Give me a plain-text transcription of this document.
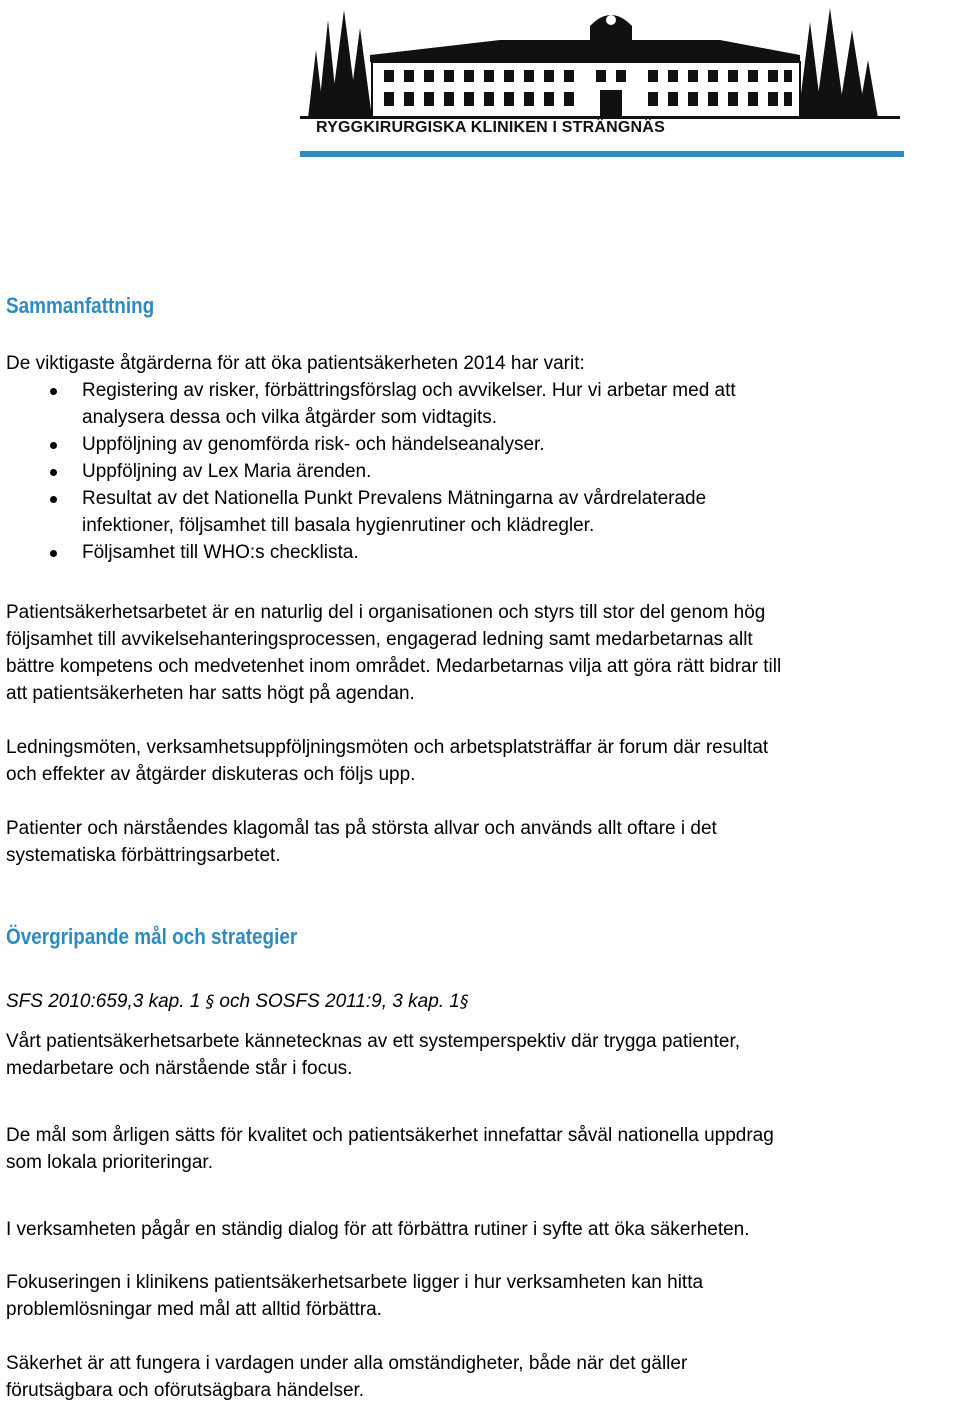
RYGGKIRURGISKA KLINIKEN I STRÄNGNÄS
Sammanfattning

De viktigaste åtgärderna för att öka patientsäkerheten 2014 har varit:

Registering av risker, förbättringsförslag och avvikelser. Hur vi arbetar med att
analysera dessa och vilka åtgärder som vidtagits.
Uppföljning av genomförda risk- och händelseanalyser.
Uppföljning av Lex Maria ärenden.
Resultat av det Nationella Punkt Prevalens Mätningarna av vårdrelaterade
infektioner, följsamhet till basala hygienrutiner och klädregler.
Följsamhet till WHO:s checklista.

Patientsäkerhetsarbetet är en naturlig del i organisationen och styrs till stor del genom hög
följsamhet till avvikelsehanteringsprocessen, engagerad ledning samt medarbetarnas allt
bättre kompetens och medvetenhet inom området. Medarbetarnas vilja att göra rätt bidrar till
att patientsäkerheten har satts högt på agendan.

Ledningsmöten, verksamhetsuppföljningsmöten och arbetsplatsträffar är forum där resultat
och effekter av åtgärder diskuteras och följs upp.

Patienter och närståendes klagomål tas på största allvar och används allt oftare i det
systematiska förbättringsarbetet.

Övergripande mål och strategier

SFS 2010:659,3 kap. 1 § och SOSFS 2011:9, 3 kap. 1§

Vårt patientsäkerhetsarbete kännetecknas av ett systemperspektiv där trygga patienter,
medarbetare och närstående står i focus.

De mål som årligen sätts för kvalitet och patientsäkerhet innefattar såväl nationella uppdrag
som lokala prioriteringar.

I verksamheten pågår en ständig dialog för att förbättra rutiner i syfte att öka säkerheten.

Fokuseringen i klinikens patientsäkerhetsarbete ligger i hur verksamheten kan hitta
problemlösningar med mål att alltid förbättra.

Säkerhet är att fungera i vardagen under alla omständigheter, både när det gäller
förutsägbara och oförutsägbara händelser.
